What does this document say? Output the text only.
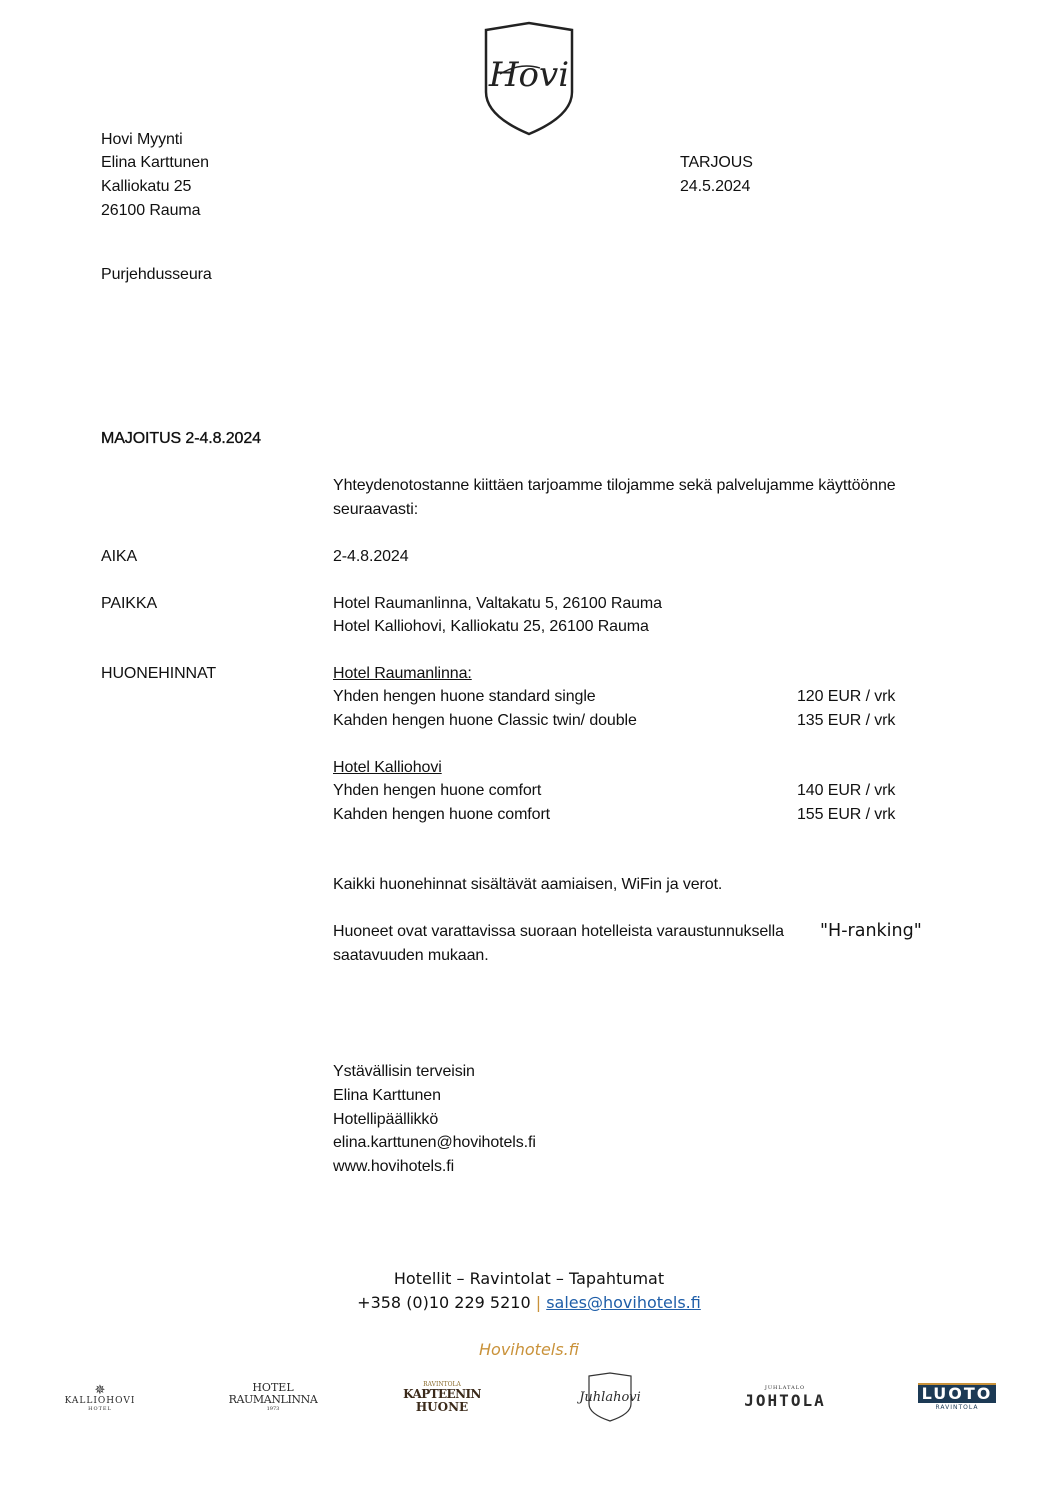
Hovi
Hovi Myynti
Elina Karttunen
Kalliokatu 25
26100 Rauma
TARJOUS
24.5.2024
Purjehdusseura
MAJOITUS 2-4.8.2024
Yhteydenotostanne kiittäen tarjoamme tilojamme sekä palvelujamme käyttöönne
seuraavasti:
AIKA	2-4.8.2024
PAIKKA	Hotel Raumanlinna, Valtakatu 5, 26100 Rauma
Hotel Kalliohovi, Kalliokatu 25, 26100 Rauma
HUONEHINNAT	Hotel Raumanlinna:
Yhden hengen huone standard single	120 EUR / vrk
Kahden hengen huone Classic twin/ double	135 EUR / vrk
Hotel Kalliohovi
Yhden hengen huone comfort	140 EUR / vrk
Kahden hengen huone comfort	155 EUR / vrk
Kaikki huonehinnat sisältävät aamiaisen, WiFin ja verot.
Huoneet ovat varattavissa suoraan hotelleista varaustunnuksella "H-ranking"
saatavuuden mukaan.
Ystävällisin terveisin
Elina Karttunen
Hotellipäällikkö
elina.karttunen@hovihotels.fi
www.hovihotels.fi
Hotellit – Ravintolat – Tapahtumat
+358 (0)10 229 5210 | sales@hovihotels.fi
Hovihotels.fi
✵
KALLIOHOVI
HOTEL
HOTEL
RAUMANLINNA
1973
RAVINTOLA
KAPTEENIN
HUONE
Juhlahovi
JUHLATALO
JOHTOLA	LUOTO
RAVINTOLA
